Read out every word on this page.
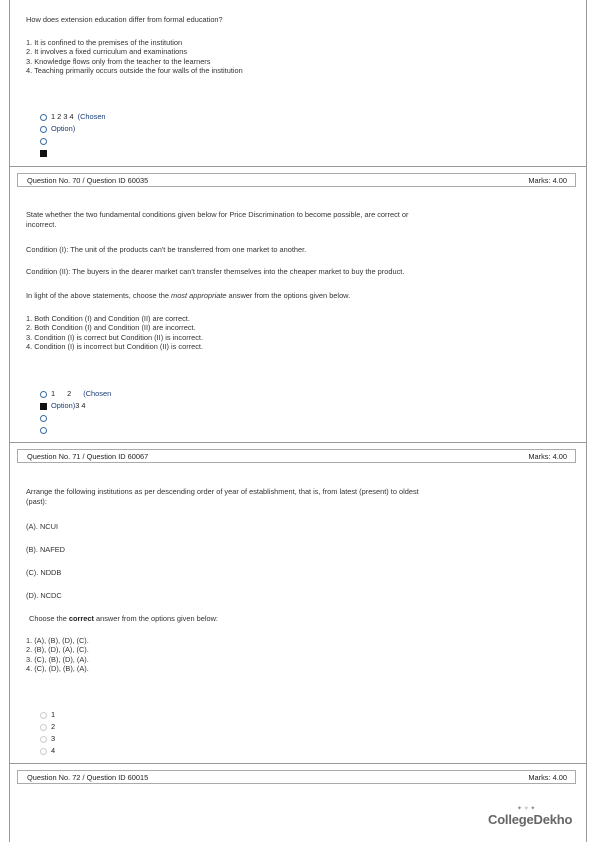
How does extension education differ from formal education?
1. It is confined to the premises of the institution
2. It involves a fixed curriculum and examinations
3. Knowledge flows only from the teacher to the learners
4. Teaching primarily occurs outside the four walls of the institution
1 2 3 4 (Chosen
Option)
Question No. 70 / Question ID 60035	Marks: 4.00
State whether the two fundamental conditions given below for Price Discrimination to become possible, are correct or
incorrect.
Condition (I): The unit of the products can't be transferred from one market to another.
Condition (II): The buyers in the dearer market can't transfer themselves into the cheaper market to buy the product.
In light of the above statements, choose the most appropriate answer from the options given below.
1. Both Condition (I) and Condition (II) are correct.
2. Both Condition (I) and Condition (II) are incorrect.
3. Condition (I) is correct but Condition (II) is incorrect.
4. Condition (I) is incorrect but Condition (II) is correct.
1 2 (Chosen
Option)3 4
Question No. 71 / Question ID 60067	Marks: 4.00
Arrange the following institutions as per descending order of year of establishment, that is, from latest (present) to oldest
(past):
(A). NCUI
(B). NAFED
(C). NDDB
(D). NCDC
Choose the correct answer from the options given below:
1. (A), (B), (D), (C).
2. (B), (D), (A), (C).
3. (C), (B), (D), (A).
4. (C), (D), (B), (A).
1
2
3
4
Question No. 72 / Question ID 60015	Marks: 4.00
✦ ✧ ✦
CollegeDekho
